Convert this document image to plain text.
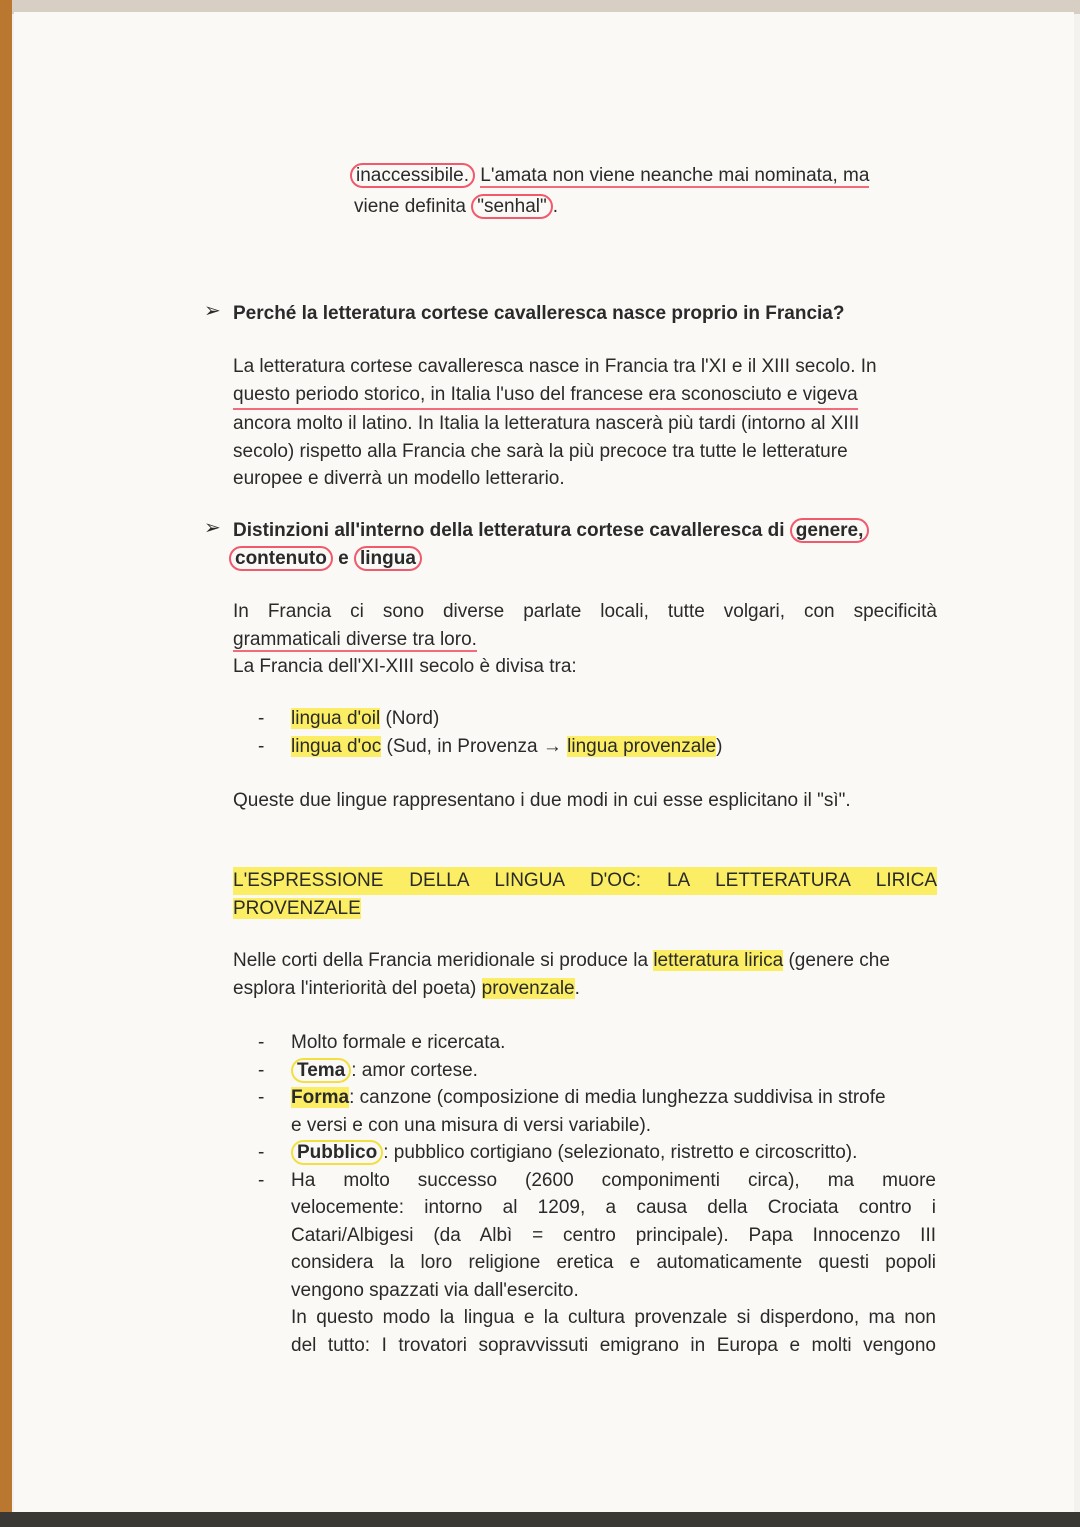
inaccessibile. L'amata non viene neanche mai nominata, ma
viene definita "senhal" .
➢ Perché la letteratura cortese cavalleresca nasce proprio in Francia?
La letteratura cortese cavalleresca nasce in Francia tra l'XI e il XIII secolo. In
questo periodo storico, in Italia l'uso del francese era sconosciuto e vigeva
ancora molto il latino. In Italia la letteratura nascerà più tardi (intorno al XIII
secolo) rispetto alla Francia che sarà la più precoce tra tutte le letterature
europee e diverrà un modello letterario.
➢ Distinzioni all'interno della letteratura cortese cavalleresca di genere,
contenuto e lingua
In Francia ci sono diverse parlate locali, tutte volgari, con specificità
grammaticali diverse tra loro.
La Francia dell'XI-XIII secolo è divisa tra:
- lingua d'oil (Nord)
- lingua d'oc (Sud, in Provenza → lingua provenzale)
Queste due lingue rappresentano i due modi in cui esse esplicitano il "sì".
L'ESPRESSIONE DELLA LINGUA D'OC: LA LETTERATURA LIRICA
PROVENZALE
Nelle corti della Francia meridionale si produce la letteratura lirica (genere che
esplora l'interiorità del poeta) provenzale.
- Molto formale e ricercata.
- Tema : amor cortese.
- Forma: canzone (composizione di media lunghezza suddivisa in strofe
e versi e con una misura di versi variabile).
- Pubblico : pubblico cortigiano (selezionato, ristretto e circoscritto).
- Ha molto successo (2600 componimenti circa), ma muore
velocemente: intorno al 1209, a causa della Crociata contro i
Catari/Albigesi (da Albì = centro principale). Papa Innocenzo III
considera la loro religione eretica e automaticamente questi popoli
vengono spazzati via dall'esercito.
In questo modo la lingua e la cultura provenzale si disperdono, ma non
del tutto: I trovatori sopravvissuti emigrano in Europa e molti vengono
